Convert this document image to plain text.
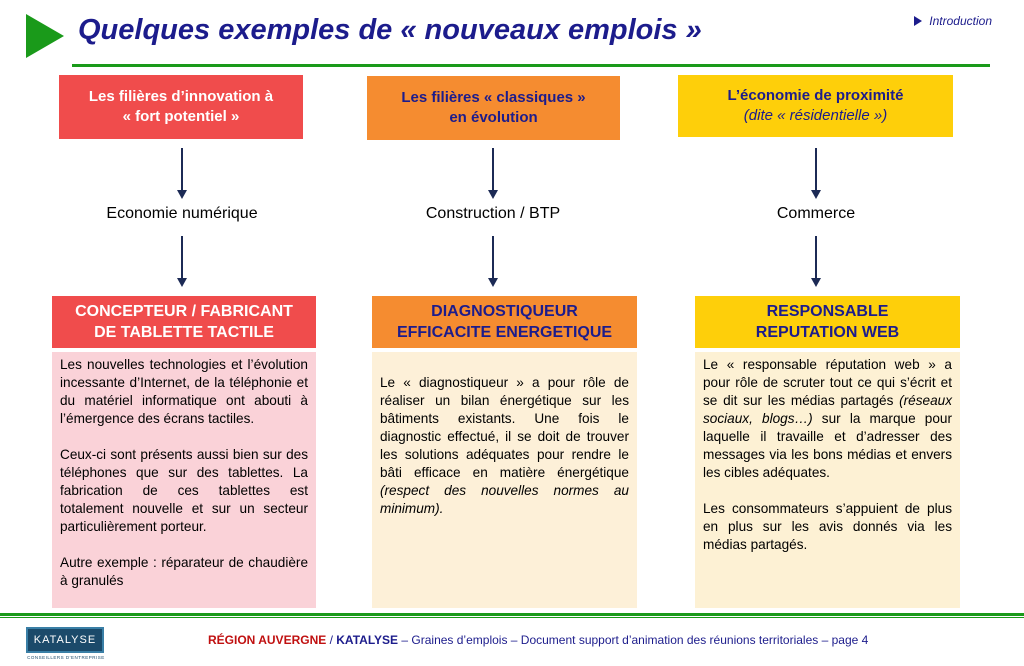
Quelques exemples de « nouveaux emplois »	Introduction
Les filières d’innovation à
« fort potentiel »
Les filières « classiques »
en évolution
L’économie de proximité
(dite « résidentielle »)
Economie numérique	Construction / BTP	Commerce
CONCEPTEUR / FABRICANT
DE TABLETTE TACTILE
DIAGNOSTIQUEUR
EFFICACITE ENERGETIQUE
RESPONSABLE
REPUTATION WEB

Les nouvelles technologies et l’évolution incessante d’Internet, de la téléphonie et du matériel informatique ont abouti à l’émergence des écrans tactiles.

Ceux-ci sont présents aussi bien sur des téléphones que sur des tablettes. La fabrication de ces tablettes est totalement nouvelle et sur un secteur particulièrement porteur.

Autre exemple : réparateur de chaudière à granulés

Le « diagnostiqueur » a pour rôle de réaliser un bilan énergétique sur les bâtiments existants. Une fois le diagnostic effectué, il se doit de trouver les solutions adéquates pour rendre le bâti efficace en matière énergétique (respect des nouvelles normes au minimum).

Le « responsable réputation web » a pour rôle de scruter tout ce qui s’écrit et se dit sur les médias partagés (réseaux sociaux, blogs…) sur la marque pour laquelle il travaille et d’adresser des messages via les bons médias et envers les cibles adéquates.

Les consommateurs s’appuient de plus en plus sur les avis donnés via les médias partagés.

KATALYSE
CONSEILLERS D'ENTREPRISE
RÉGION AUVERGNE / KATALYSE – Graines d’emplois – Document support d’animation des réunions territoriales – page 4
